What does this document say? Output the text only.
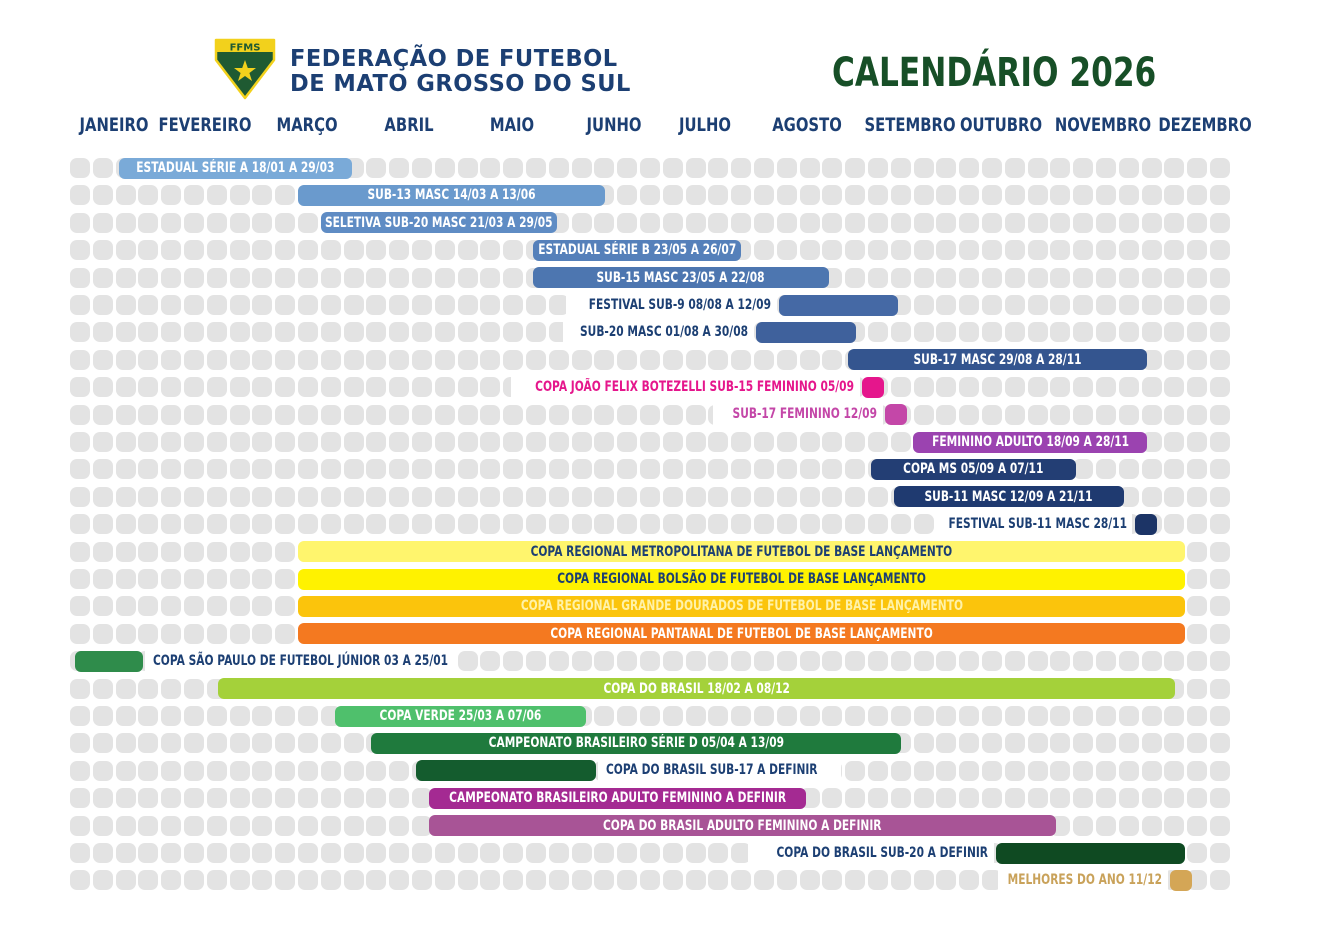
FFMS FEDERAÇÃO DE FUTEBOL
DE MATO GROSSO DO SUL	CALENDÁRIO 2026
JANEIRO FEVEREIRO MARÇO ABRIL	MAIO	JUNHO JULHO AGOSTO SETEMBRO OUTUBRO NOVEMBRO DEZEMBRO
ESTADUAL SÉRIE A 18/01 A 29/03
SUB-13 MASC 14/03 A 13/06
SELETIVA SUB-20 MASC 21/03 A 29/05
ESTADUAL SÉRIE B 23/05 A 26/07
SUB-15 MASC 23/05 A 22/08
FESTIVAL SUB-9 08/08 A 12/09
SUB-20 MASC 01/08 A 30/08
SUB-17 MASC 29/08 A 28/11
COPA JOÃO FELIX BOTEZELLI SUB-15 FEMININO 05/09
SUB-17 FEMININO 12/09
FEMININO ADULTO 18/09 A 28/11
COPA MS 05/09 A 07/11
SUB-11 MASC 12/09 A 21/11
FESTIVAL SUB-11 MASC 28/11
COPA REGIONAL METROPOLITANA DE FUTEBOL DE BASE LANÇAMENTO
COPA REGIONAL BOLSÃO DE FUTEBOL DE BASE LANÇAMENTO
COPA REGIONAL GRANDE DOURADOS DE FUTEBOL DE BASE LANÇAMENTO
COPA REGIONAL PANTANAL DE FUTEBOL DE BASE LANÇAMENTO
COPA SÃO PAULO DE FUTEBOL JÚNIOR 03 A 25/01
COPA DO BRASIL 18/02 A 08/12
COPA VERDE 25/03 A 07/06
CAMPEONATO BRASILEIRO SÉRIE D 05/04 A 13/09
COPA DO BRASIL SUB-17 A DEFINIR
CAMPEONATO BRASILEIRO ADULTO FEMININO A DEFINIR
COPA DO BRASIL ADULTO FEMININO A DEFINIR
COPA DO BRASIL SUB-20 A DEFINIR
MELHORES DO ANO 11/12
